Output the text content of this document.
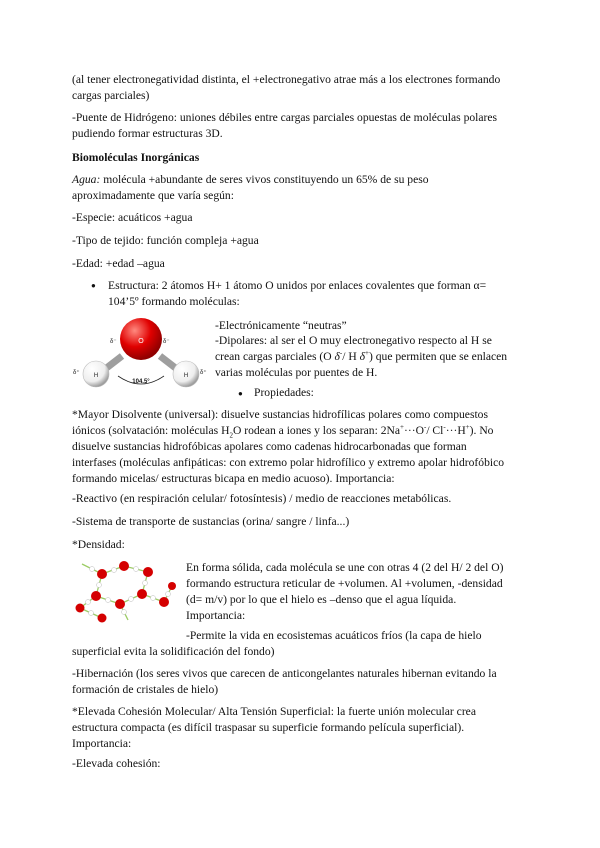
(al tener electronegatividad distinta, el +electronegativo atrae más a los electrones formando
cargas parciales)

-Puente de Hidrógeno: uniones débiles entre cargas parciales opuestas de moléculas polares
pudiendo formar estructuras 3D.

Biomoléculas Inorgánicas

Agua: molécula +abundante de seres vivos constituyendo un 65% de su peso
aproximadamente que varía según:

-Especie: acuáticos +agua

-Tipo de tejido: función compleja +agua

-Edad: +edad –agua

● Estructura: 2 átomos H+ 1 átomo O unidos por enlaces covalentes que forman α=
104’5º formando moléculas:

O
H	H
δ⁻	δ⁻
δ⁺	δ⁺
104.5°

-Electrónicamente “neutras”

-Dipolares: al ser el O muy electronegativo respecto al H se
crean cargas parciales (O δ-/ H δ+) que permiten que se enlacen
varias moléculas por puentes de H.

● Propiedades:

*Mayor Disolvente (universal): disuelve sustancias hidrofílicas polares como compuestos
iónicos (solvatación: moléculas $H_2O$ rodean a iones y los separan: 2Na+···O-/ Cl-···H+). No
disuelve sustancias hidrofóbicas apolares como cadenas hidrocarbonadas que forman
interfases (moléculas anfipáticas: con extremo polar hidrofílico y extremo apolar hidrofóbico
formando micelas/ estructuras bicapa en medio acuoso). Importancia:

-Reactivo (en respiración celular/ fotosíntesis) / medio de reacciones metabólicas.

-Sistema de transporte de sustancias (orina/ sangre / linfa...)

*Densidad:

En forma sólida, cada molécula se une con otras 4 (2 del H/ 2 del O)
formando estructura reticular de +volumen. Al +volumen, -densidad
(d= m/v) por lo que el hielo es –denso que el agua líquida.
Importancia:

-Permite la vida en ecosistemas acuáticos fríos (la capa de hielo
superficial evita la solidificación del fondo)

-Hibernación (los seres vivos que carecen de anticongelantes naturales hibernan evitando la
formación de cristales de hielo)

*Elevada Cohesión Molecular/ Alta Tensión Superficial: la fuerte unión molecular crea
estructura compacta (es difícil traspasar su superficie formando película superficial).
Importancia:

-Elevada cohesión:
